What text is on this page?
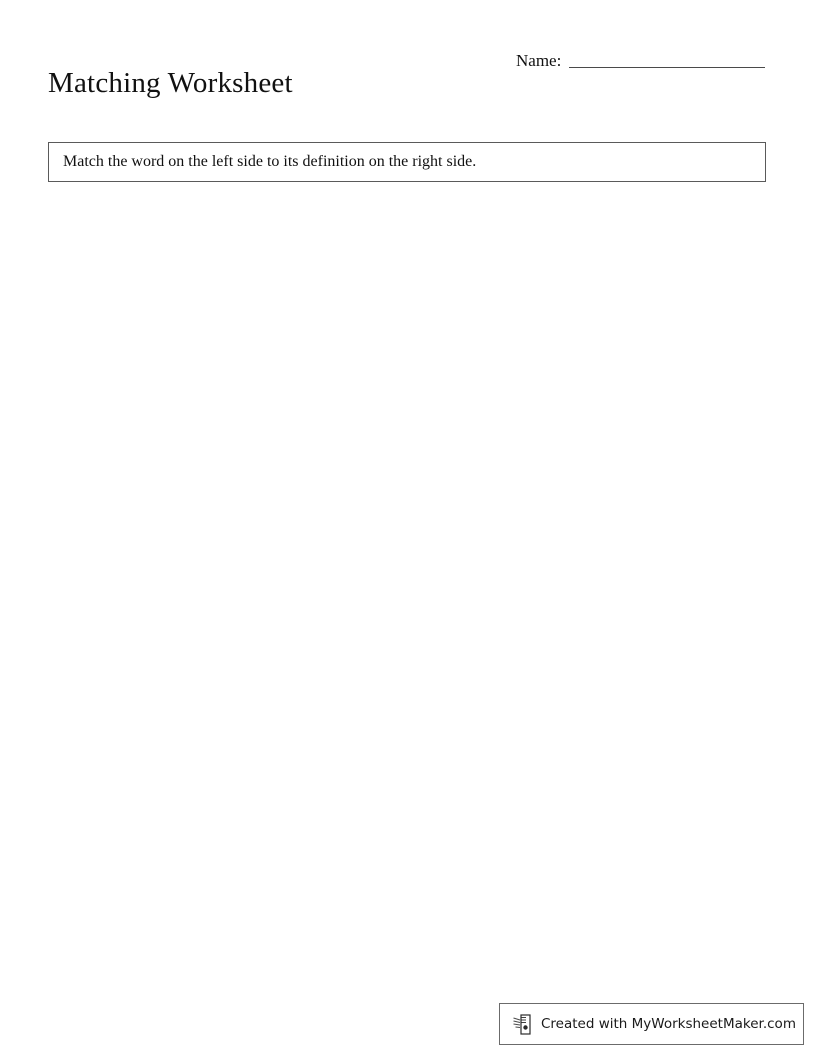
Matching Worksheet
Name:
Match the word on the left side to its definition on the right side.
Created with MyWorksheetMaker.com
